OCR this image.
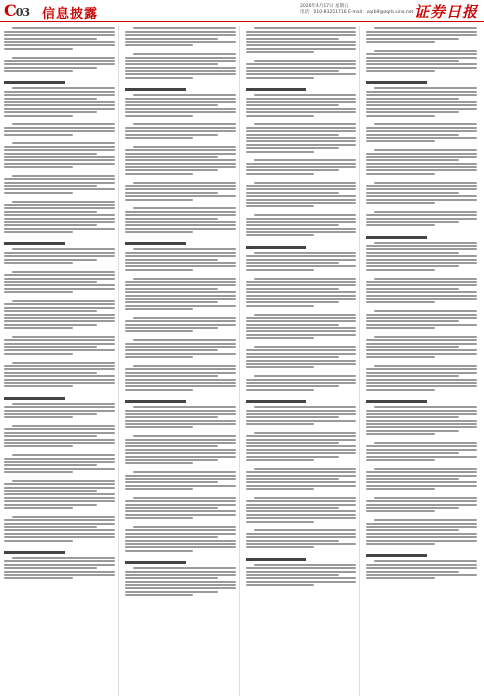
C03 信息披露
2020年4月17日 星期五
电话：010-83251716 E-mail：zqrb9@zqrb.sina.net 证券日报
